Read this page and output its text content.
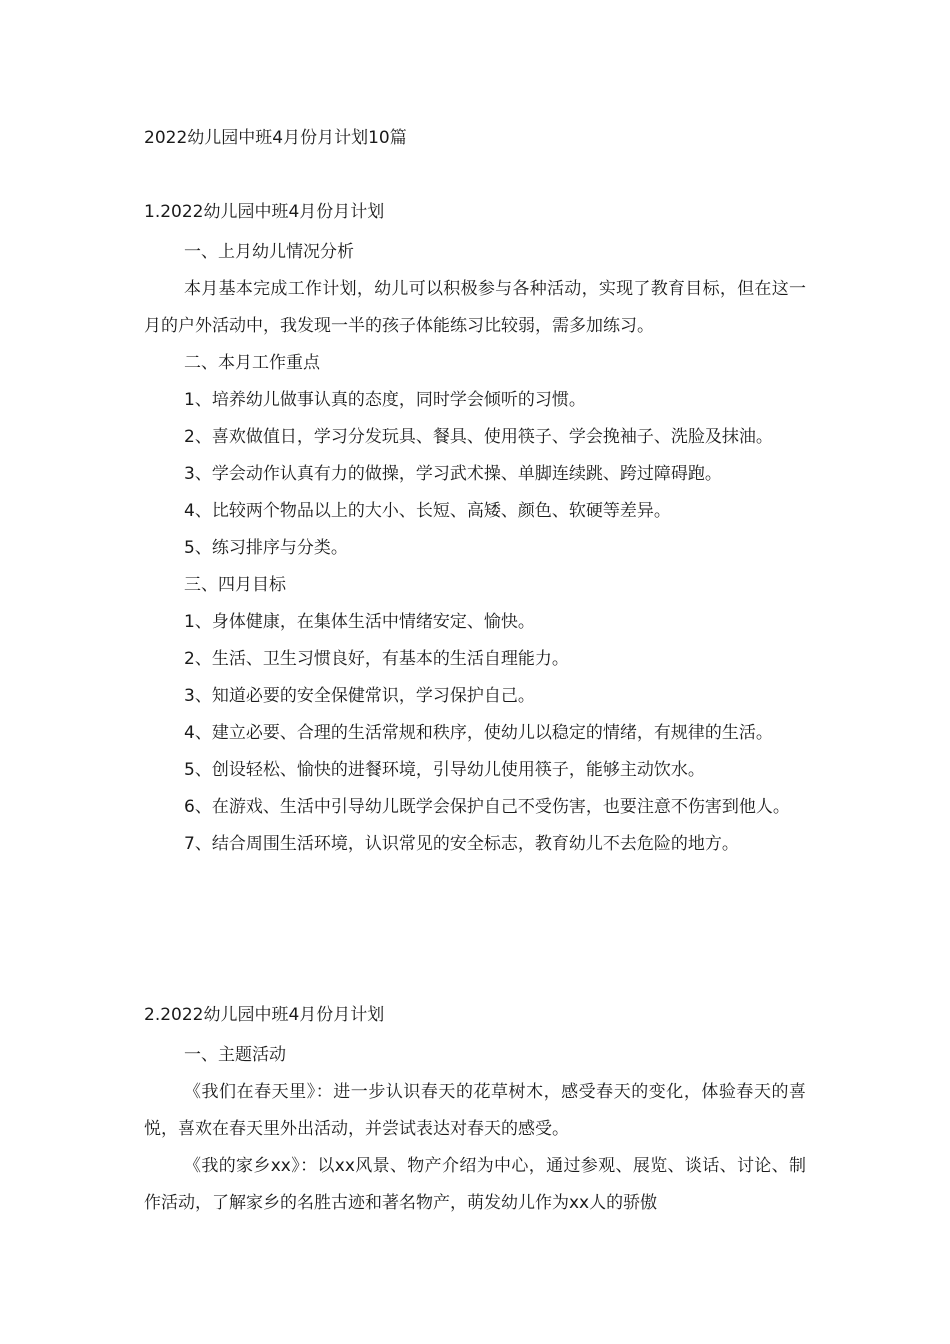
2022幼儿园中班4月份月计划10篇
1.2022幼儿园中班4月份月计划

一、上月幼儿情况分析

本月基本完成工作计划，幼儿可以积极参与各种活动，实现了教育目标，但在这一月的户外活动中，我发现一半的孩子体能练习比较弱，需多加练习。

二、本月工作重点

1、培养幼儿做事认真的态度，同时学会倾听的习惯。

2、喜欢做值日，学习分发玩具、餐具、使用筷子、学会挽袖子、洗脸及抹油。

3、学会动作认真有力的做操，学习武术操、单脚连续跳、跨过障碍跑。

4、比较两个物品以上的大小、长短、高矮、颜色、软硬等差异。

5、练习排序与分类。

三、四月目标

1、身体健康，在集体生活中情绪安定、愉快。

2、生活、卫生习惯良好，有基本的生活自理能力。

3、知道必要的安全保健常识，学习保护自己。

4、建立必要、合理的生活常规和秩序，使幼儿以稳定的情绪，有规律的生活。

5、创设轻松、愉快的进餐环境，引导幼儿使用筷子，能够主动饮水。

6、在游戏、生活中引导幼儿既学会保护自己不受伤害，也要注意不伤害到他人。

7、结合周围生活环境，认识常见的安全标志，教育幼儿不去危险的地方。

2.2022幼儿园中班4月份月计划

一、主题活动

《我们在春天里》：进一步认识春天的花草树木，感受春天的变化，体验春天的喜悦，喜欢在春天里外出活动，并尝试表达对春天的感受。

《我的家乡xx》：以xx风景、物产介绍为中心，通过参观、展览、谈话、讨论、制作活动，了解家乡的名胜古迹和著名物产，萌发幼儿作为xx人的骄傲
